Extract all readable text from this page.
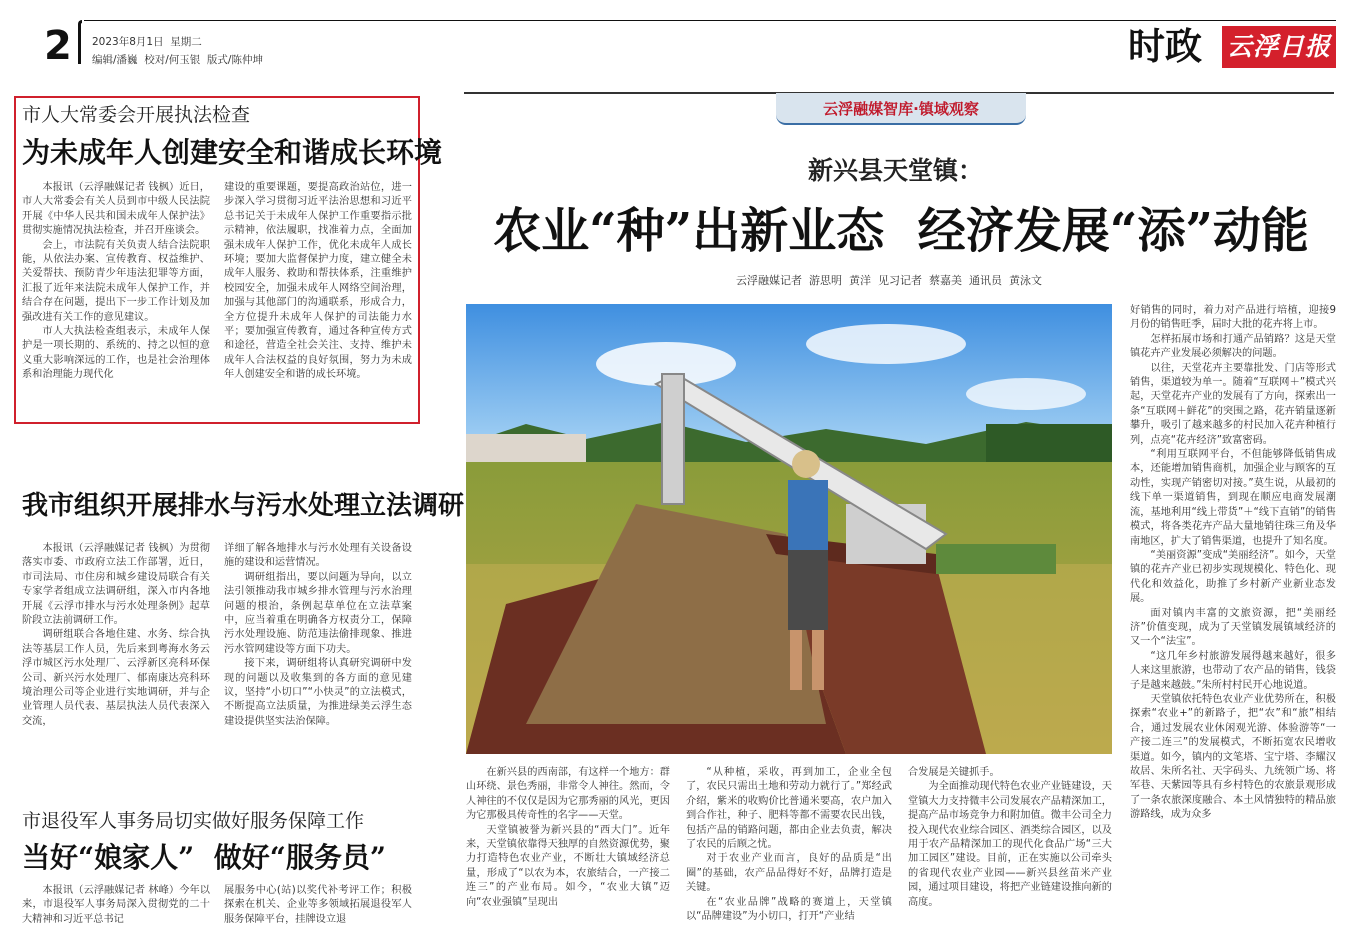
2 2023年8月1日  星期二
编辑/潘巍  校对/何玉银  版式/陈仲坤	时政 云浮日报
市人大常委会开展执法检查
为未成年人创建安全和谐成长环境

本报讯（云浮融媒记者 钱枫）近日，市人大常委会有关人员到市中级人民法院开展《中华人民共和国未成年人保护法》贯彻实施情况执法检查，并召开座谈会。

会上，市法院有关负责人结合法院职能，从依法办案、宣传教育、权益维护、关爱帮扶、预防青少年违法犯罪等方面，汇报了近年来法院未成年人保护工作，并结合存在问题，提出下一步工作计划及加强改进有关工作的意见建议。

市人大执法检查组表示，未成年人保护是一项长期的、系统的、持之以恒的意义重大影响深远的工作，也是社会治理体系和治理能力现代化

建设的重要课题，要提高政治站位，进一步深入学习贯彻习近平法治思想和习近平总书记关于未成年人保护工作重要指示批示精神，依法履职，找准着力点，全面加强未成年人保护工作，优化未成年人成长环境；要加大监督保护力度，建立健全未成年人服务、救助和帮扶体系，注重维护校园安全，加强未成年人网络空间治理，加强与其他部门的沟通联系，形成合力，全方位提升未成年人保护的司法能力水平；要加强宣传教育，通过各种宣传方式和途径，营造全社会关注、支持、维护未成年人合法权益的良好氛围，努力为未成年人创建安全和谐的成长环境。

我市组织开展排水与污水处理立法调研

本报讯（云浮融媒记者 钱枫）为贯彻落实市委、市政府立法工作部署，近日，市司法局、市住房和城乡建设局联合有关专家学者组成立法调研组，深入市内各地开展《云浮市排水与污水处理条例》起草阶段立法前调研工作。

调研组联合各地住建、水务、综合执法等基层工作人员，先后来到粤海水务云浮市城区污水处理厂、云浮新区亮科环保公司、新兴污水处理厂、郁南康达亮科环境治理公司等企业进行实地调研，并与企业管理人员代表、基层执法人员代表深入交流，

详细了解各地排水与污水处理有关设备设施的建设和运营情况。

调研组指出，要以问题为导向，以立法引领推动我市城乡排水管理与污水治理问题的根治，条例起草单位在立法草案中，应当着重在明确各方权责分工，保障污水处理设施、防范违法偷排现象、推进污水管网建设等方面下功夫。

接下来，调研组将认真研究调研中发现的问题以及收集到的各方面的意见建议，坚持“小切口”“小快灵”的立法模式，不断提高立法质量，为推进绿美云浮生态建设提供坚实法治保障。

市退役军人事务局切实做好服务保障工作
当好“娘家人”  做好“服务员”

本报讯（云浮融媒记者 林峰）今年以来，市退役军人事务局深入贯彻党的二十大精神和习近平总书记

展服务中心(站)以奖代补考评工作；积极探索在机关、企业等多领域拓展退役军人服务保障平台，挂牌设立退

云浮融媒智库·镇域观察
新兴县天堂镇：
农业“种”出新业态  经济发展“添”动能
云浮融媒记者  游思明  黄洋  见习记者  蔡嘉美  通讯员  黄泳文

在新兴县的西南部，有这样一个地方：群山环绕、景色秀丽，非常令人神往。然而，令人神往的不仅仅是因为它那秀丽的风光，更因为它那极具传奇性的名字——天堂。

天堂镇被誉为新兴县的“西大门”。近年来，天堂镇依靠得天独厚的自然资源优势，聚力打造特色农业产业，不断壮大镇域经济总量，形成了“以农为本，农旅结合，一产接二连三”的产业布局。如今，“农业大镇”迈向“农业强镇”呈现出

“从种植，采收，再到加工，企业全包了，农民只需出土地和劳动力就行了。”郑经武介绍，紫米的收购价比普通米要高，农户加入到合作社，种子、肥料等都不需要农民出钱，包括产品的销路问题，都由企业去负责，解决了农民的后顾之忧。

对于农业产业而言，良好的品质是“出圈”的基础，农产品品得好不好，品牌打造是关键。

在“农业品牌”战略的赛道上，天堂镇以“品牌建设”为小切口，打开“产业结

合发展是关键抓手。

为全面推动现代特色农业产业链建设，天堂镇大力支持微丰公司发展农产品精深加工，提高产品市场竞争力和附加值。微丰公司全力投入现代农业综合园区、酒类综合园区，以及用于农产品精深加工的现代化食品广场“三大加工园区”建设。目前，正在实施以公司牵头的省现代农业产业园——新兴县丝苗米产业园，通过项目建设，将把产业链建设推向新的高度。

好销售的同时，着力对产品进行培植，迎接9月份的销售旺季，届时大批的花卉将上市。

怎样拓展市场和打通产品销路？这是天堂镇花卉产业发展必须解决的问题。

以往，天堂花卉主要靠批发、门店等形式销售，渠道较为单一。随着“互联网＋”模式兴起，天堂花卉产业的发展有了方向，探索出一条“互联网＋鲜花”的突围之路，花卉销量逐新攀升，吸引了越来越多的村民加入花卉种植行列，点亮“花卉经济”致富密码。

“利用互联网平台，不但能够降低销售成本，还能增加销售商机，加强企业与顾客的互动性，实现产销密切对接。”莫生说，从最初的线下单一渠道销售，到现在顺应电商发展潮流，基地利用“线上带货”＋“线下直销”的销售模式，将各类花卉产品大量地销往珠三角及华南地区，扩大了销售渠道，也提升了知名度。

“美丽资源”变成“美丽经济”。如今，天堂镇的花卉产业已初步实现规模化、特色化、现代化和效益化，助推了乡村新产业新业态发展。

面对镇内丰富的文旅资源，把“美丽经济”价值变现，成为了天堂镇发展镇域经济的又一个“法宝”。

“这几年乡村旅游发展得越来越好，很多人来这里旅游，也带动了农产品的销售，钱袋子是越来越鼓。”朱所村村民开心地说道。

天堂镇依托特色农业产业优势所在，积极探索“农业+”的新路子，把“农”和“旅”相结合，通过发展农业休闲观光游、体验游等“一产接二连三”的发展模式，不断拓宽农民增收渠道。如今，镇内的文笔塔、宝宁塔、李耀汉故居、朱所名社、天字码头、九统领广场、将军巷、天紫园等具有乡村特色的农旅景观形成了一条农旅深度融合、本土风情独特的精品旅游路线，成为众多
